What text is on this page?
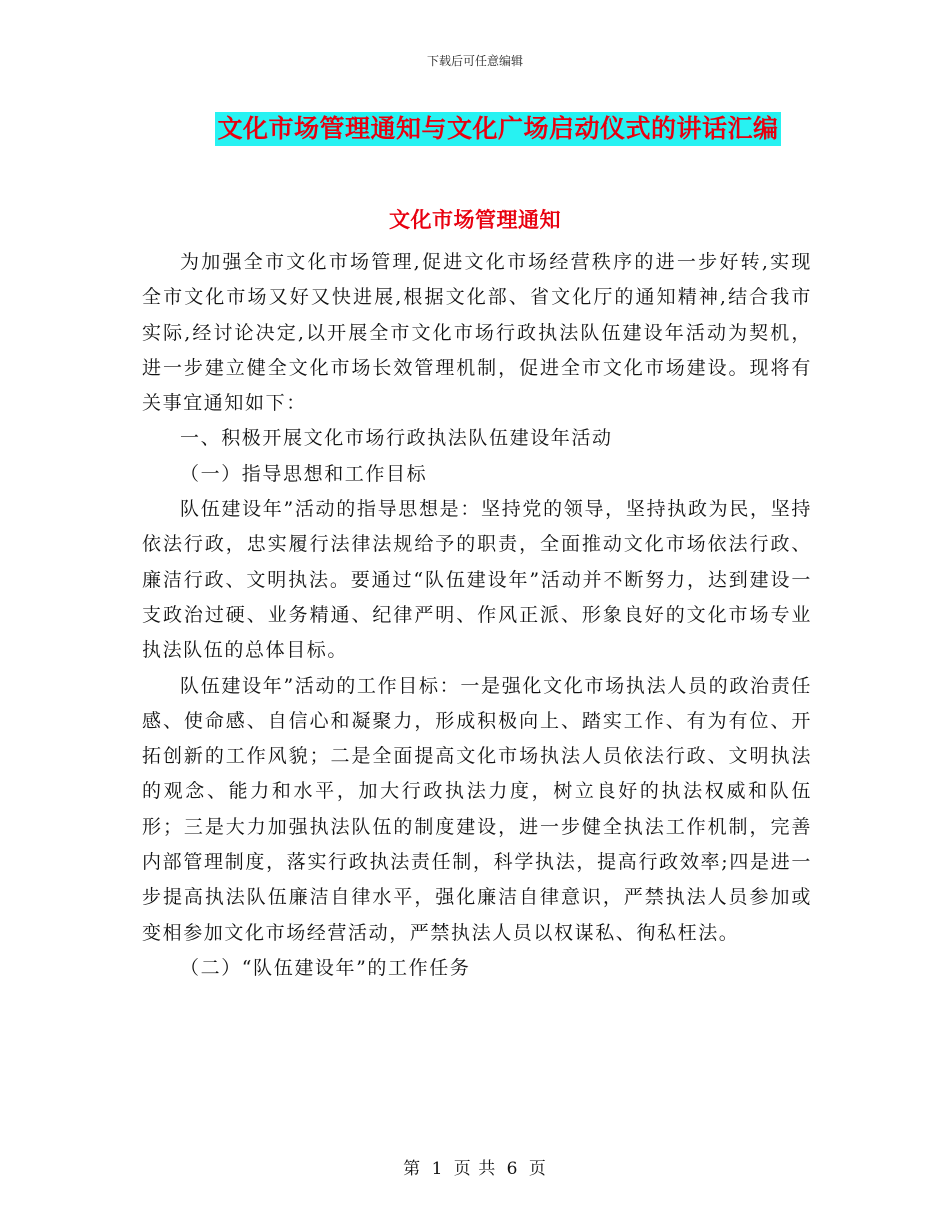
下载后可任意编辑
文化市场管理通知与文化广场启动仪式的讲话汇编
文化市场管理通知

为加强全市文化市场管理,促进文化市场经营秩序的进一步好转,实现全市文化市场又好又快进展,根据文化部、省文化厅的通知精神,结合我市实际,经讨论决定,以开展全市文化市场行政执法队伍建设年活动为契机，进一步建立健全文化市场长效管理机制，促进全市文化市场建设。现将有关事宜通知如下：

一、积极开展文化市场行政执法队伍建设年活动

（一）指导思想和工作目标

队伍建设年”活动的指导思想是：坚持党的领导，坚持执政为民，坚持依法行政，忠实履行法律法规给予的职责，全面推动文化市场依法行政、廉洁行政、文明执法。要通过“队伍建设年”活动并不断努力，达到建设一支政治过硬、业务精通、纪律严明、作风正派、形象良好的文化市场专业执法队伍的总体目标。

队伍建设年”活动的工作目标：一是强化文化市场执法人员的政治责任感、使命感、自信心和凝聚力，形成积极向上、踏实工作、有为有位、开拓创新的工作风貌；二是全面提高文化市场执法人员依法行政、文明执法的观念、能力和水平，加大行政执法力度，树立良好的执法权威和队伍形；三是大力加强执法队伍的制度建设，进一步健全执法工作机制，完善内部管理制度，落实行政执法责任制，科学执法，提高行政效率;四是进一步提高执法队伍廉洁自律水平，强化廉洁自律意识，严禁执法人员参加或变相参加文化市场经营活动，严禁执法人员以权谋私、徇私枉法。

（二）“队伍建设年”的工作任务

第 1 页 共 6 页
